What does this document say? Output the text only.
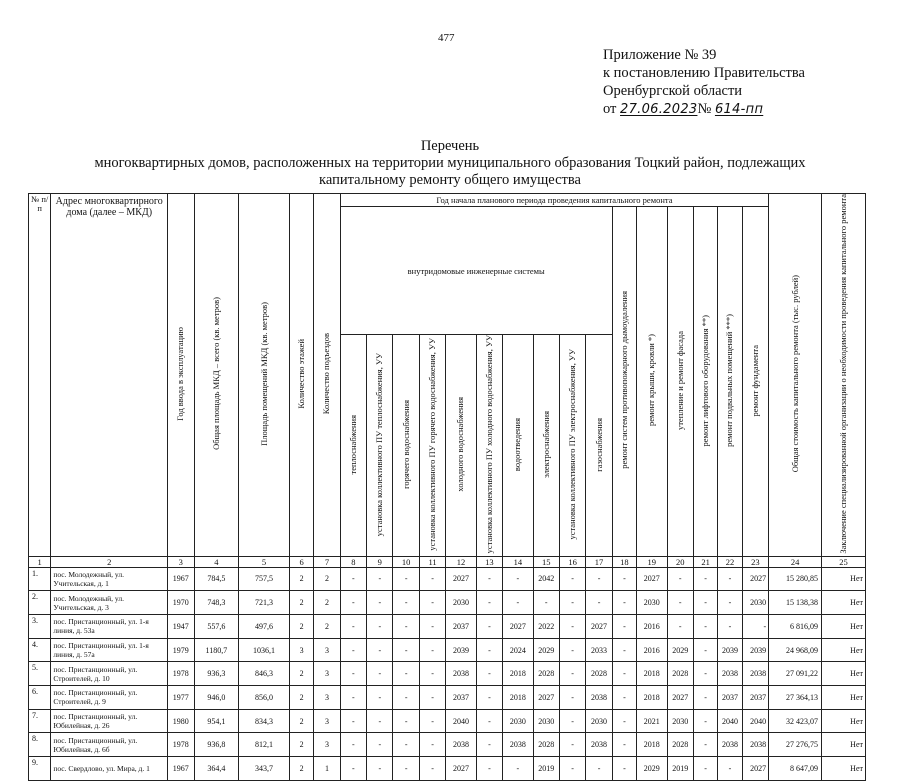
477
Приложение № 39
к постановлению Правительства
Оренбургской области
от 27.06.2023№ 614-пп
Перечень
многоквартирных домов, расположенных на территории муниципального образования Тоцкий район, подлежащих
капитальному ремонту общего имущества
№ п/п	Адрес многоквартирного дома (далее – МКД)	Год ввода в эксплуатацию	Общая площадь МКД – всего (кв. метров)	Площадь помещений МКД (кв. метров)	Количество этажей	Количество подъездов	Год начала планового периода проведения капитального ремонта																Общая стоимость капитального ремонта (тыс. рублей)	Заключение специализированной организации о необходимости проведения капитального ремонта
							внутридомовые инженерные системы										ремонт систем противопожарного дымоудаления	ремонт крыши, кровли *)	утепление и ремонт фасада	ремонт лифтового оборудования **)	ремонт подвальных помещений ***)	ремонт фундамента		
							теплоснабжения	установка коллективного ПУ теплоснабжения, УУ	горячего водоснабжения	установка коллективного ПУ горячего водоснабжения, УУ	холодного водоснабжения	установка коллективного ПУ холодного водоснабжения, УУ	водоотведения	электроснабжения	установка коллективного ПУ электроснабжения, УУ	газоснабжения								
1	2	3	4	5	6	7	8	9	10	11	12	13	14	15	16	17	18	19	20	21	22	23	24	25
1.	пос. Молодежный, ул. Учительская, д. 1	1967	784,5	757,5	2	2	-	-	-	-	2027	-	-	2042	-	-	-	2027	-	-	-	2027	15 280,85	Нет
2.	пос. Молодежный, ул. Учительская, д. 3	1970	748,3	721,3	2	2	-	-	-	-	2030	-	-	-	-	-	-	2030	-	-	-	2030	15 138,38	Нет
3.	пос. Пристанционный, ул. 1-я линия, д. 53а	1947	557,6	497,6	2	2	-	-	-	-	2037	-	2027	2022	-	2027	-	2016	-	-	-	-	6 816,09	Нет
4.	пос. Пристанционный, ул. 1-я линия, д. 57а	1979	1180,7	1036,1	3	3	-	-	-	-	2039	-	2024	2029	-	2033	-	2016	2029	-	2039	2039	24 968,09	Нет
5.	пос. Пристанционный, ул. Строителей, д. 10	1978	936,3	846,3	2	3	-	-	-	-	2038	-	2018	2028	-	2028	-	2018	2028	-	2038	2038	27 091,22	Нет
6.	пос. Пристанционный, ул. Строителей, д. 9	1977	946,0	856,0	2	3	-	-	-	-	2037	-	2018	2027	-	2038	-	2018	2027	-	2037	2037	27 364,13	Нет
7.	пос. Пристанционный, ул. Юбилейная, д. 26	1980	954,1	834,3	2	3	-	-	-	-	2040	-	2030	2030	-	2030	-	2021	2030	-	2040	2040	32 423,07	Нет
8.	пос. Пристанционный, ул. Юбилейная, д. 6б	1978	936,8	812,1	2	3	-	-	-	-	2038	-	2038	2028	-	2038	-	2018	2028	-	2038	2038	27 276,75	Нет
9.	пос. Свердлово, ул. Мира, д. 1	1967	364,4	343,7	2	1	-	-	-	-	2027	-	-	2019	-	-	-	2029	2019	-	-	2027	8 647,09	Нет
